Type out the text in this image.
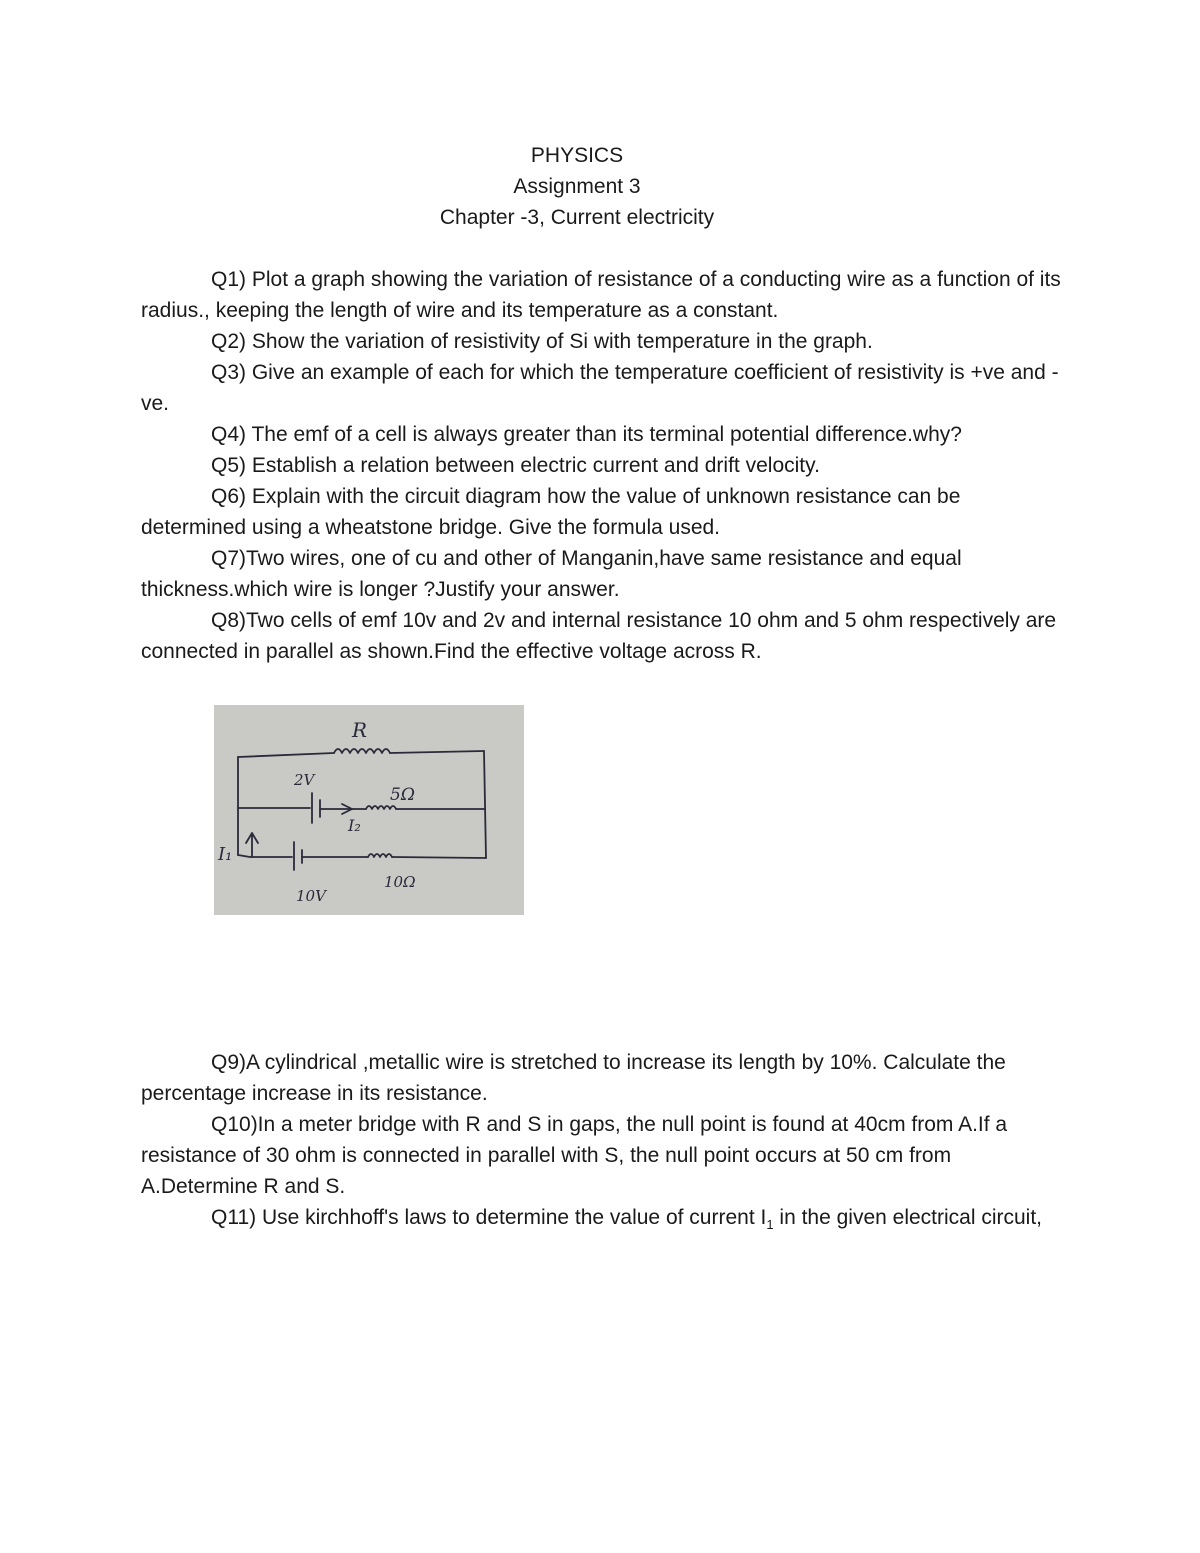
PHYSICS
Assignment 3
Chapter -3, Current electricity

Q1) Plot a graph showing the variation of resistance of a conducting wire as a function of its radius., keeping the length of wire and its temperature as a constant.

Q2) Show the variation of resistivity of Si with temperature in the graph.

Q3) Give an example of each for which the temperature coefficient of resistivity is +ve and -ve.

Q4) The emf of a cell is always greater than its terminal potential difference.why?

Q5) Establish a relation between electric current and drift velocity.

Q6) Explain with the circuit diagram how the value of unknown resistance can be determined using a wheatstone bridge. Give the formula used.

Q7)Two wires, one of cu and other of Manganin,have same resistance and equal thickness.which wire is longer ?Justify your answer.

Q8)Two cells of emf 10v and 2v and internal resistance 10 ohm and 5 ohm respectively are connected in parallel as shown.Find the effective voltage across R.

R
2V
5Ω
I₂
I₁
10V
10Ω

Q9)A cylindrical ,metallic wire is stretched to increase its length by 10%. Calculate the percentage increase in its resistance.

Q10)In a meter bridge with R and S in gaps, the null point is found at 40cm from A.If a resistance of 30 ohm is connected in parallel with S, the null point occurs at 50 cm from A.Determine R and S.

Q11) Use kirchhoff's laws to determine the value of current $I_1$ in the given electrical circuit,
